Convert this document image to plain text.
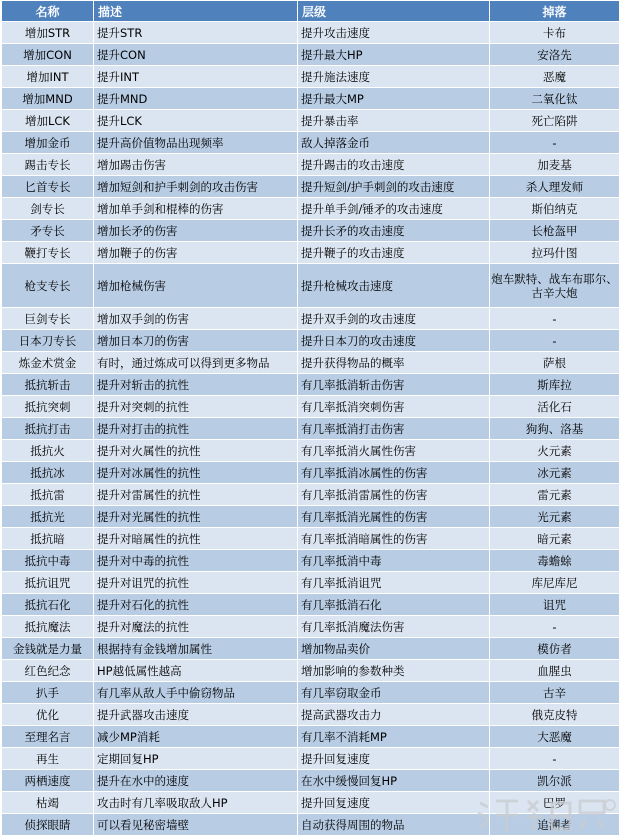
名称	描述	层级	掉落
增加STR	提升STR	提升攻击速度	卡布
增加CON	提升CON	提升最大HP	安洛先
增加INT	提升INT	提升施法速度	恶魔
增加MND	提升MND	提升最大MP	二氧化钛
增加LCK	提升LCK	提升暴击率	死亡陷阱
增加金币	提升高价值物品出现频率	敌人掉落金币	-
踢击专长	增加踢击伤害	提升踢击的攻击速度	加麦基
匕首专长	增加短剑和护手刺剑的攻击伤害	提升短剑/护手刺剑的攻击速度	杀人理发师
剑专长	增加单手剑和棍棒的伤害	提升单手剑/锤矛的攻击速度	斯伯纳克
矛专长	增加长矛的伤害	提升长矛的攻击速度	长枪盔甲
鞭打专长	增加鞭子的伤害	提升鞭子的攻击速度	拉玛什图
枪支专长	增加枪械伤害	提升枪械攻击速度	炮车默特、战车布耶尔、古辛大炮
巨剑专长	增加双手剑的伤害	提升双手剑的攻击速度	-
日本刀专长	增加日本刀的伤害	提升日本刀的攻击速度	-
炼金术赏金	有时，通过炼成可以得到更多物品	提升获得物品的概率	萨根
抵抗斩击	提升对斩击的抗性	有几率抵消斩击伤害	斯库拉
抵抗突刺	提升对突刺的抗性	有几率抵消突刺伤害	活化石
抵抗打击	提升对打击的抗性	有几率抵消打击伤害	狗狗、洛基
抵抗火	提升对火属性的抗性	有几率抵消火属性伤害	火元素
抵抗冰	提升对冰属性的抗性	有几率抵消冰属性的伤害	冰元素
抵抗雷	提升对雷属性的抗性	有几率抵消雷属性的伤害	雷元素
抵抗光	提升对光属性的抗性	有几率抵消光属性的伤害	光元素
抵抗暗	提升对暗属性的抗性	有几率抵消暗属性的伤害	暗元素
抵抗中毒	提升对中毒的抗性	有几率抵消中毒	毒蟾蜍
抵抗诅咒	提升对诅咒的抗性	有几率抵消诅咒	库尼库尼
抵抗石化	提升对石化的抗性	有几率抵消石化	诅咒
抵抗魔法	提升对魔法的抗性	有几率抵消魔法伤害	-
金钱就是力量	根据持有金钱增加属性	增加物品卖价	模仿者
红色纪念	HP越低属性越高	增加影响的参数种类	血腥虫
扒手	有几率从敌人手中偷窃物品	有几率窃取金币	古辛
优化	提升武器攻击速度	提高武器攻击力	俄克皮特
至理名言	减少MP消耗	有几率不消耗MP	大恶魔
再生	定期回复HP	提升回复速度	-
两栖速度	提升在水中的速度	在水中缓慢回复HP	凯尔派
枯竭	攻击时有几率吸取敌人HP	提升回复速度	巴罗
侦探眼睛	可以看见秘密墙壁	自动获得周围的物品	追溯者
